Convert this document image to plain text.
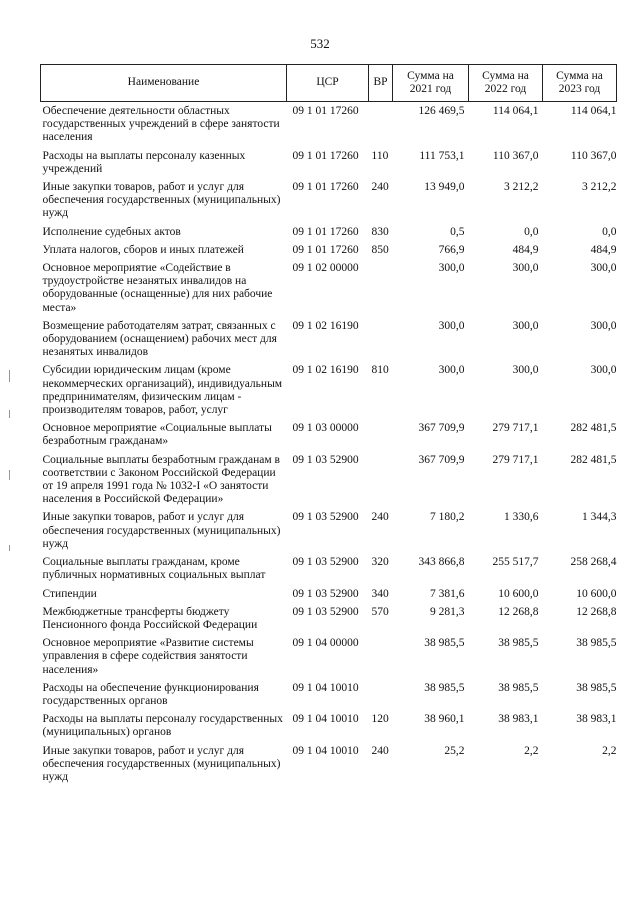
532
Наименование	ЦСР	ВР	Сумма на 2021 год	Сумма на 2022 год	Сумма на 2023 год
Обеспечение деятельности областных государственных учреждений в сфере занятости населения	09 1 01 17260		126 469,5	114 064,1	114 064,1
Расходы на выплаты персоналу казенных учреждений	09 1 01 17260	110	111 753,1	110 367,0	110 367,0
Иные закупки товаров, работ и услуг для обеспечения государственных (муниципальных) нужд	09 1 01 17260	240	13 949,0	3 212,2	3 212,2
Исполнение судебных актов	09 1 01 17260	830	0,5	0,0	0,0
Уплата налогов, сборов и иных платежей	09 1 01 17260	850	766,9	484,9	484,9
Основное мероприятие «Содействие в трудоустройстве незанятых инвалидов на оборудованные (оснащенные) для них рабочие места»	09 1 02 00000		300,0	300,0	300,0
Возмещение работодателям затрат, связанных с оборудованием (оснащением) рабочих мест для незанятых инвалидов	09 1 02 16190		300,0	300,0	300,0
Субсидии юридическим лицам (кроме некоммерческих организаций), индивидуальным предпринимателям, физическим лицам - производителям товаров, работ, услуг	09 1 02 16190	810	300,0	300,0	300,0
Основное мероприятие «Социальные выплаты безработным гражданам»	09 1 03 00000		367 709,9	279 717,1	282 481,5
Социальные выплаты безработным гражданам в соответствии с Законом Российской Федерации от 19 апреля 1991 года № 1032-I «О занятости населения в Российской Федерации»	09 1 03 52900		367 709,9	279 717,1	282 481,5
Иные закупки товаров, работ и услуг для обеспечения государственных (муниципальных) нужд	09 1 03 52900	240	7 180,2	1 330,6	1 344,3
Социальные выплаты гражданам, кроме публичных нормативных социальных выплат	09 1 03 52900	320	343 866,8	255 517,7	258 268,4
Стипендии	09 1 03 52900	340	7 381,6	10 600,0	10 600,0
Межбюджетные трансферты бюджету Пенсионного фонда Российской Федерации	09 1 03 52900	570	9 281,3	12 268,8	12 268,8
Основное мероприятие «Развитие системы управления в сфере содействия занятости населения»	09 1 04 00000		38 985,5	38 985,5	38 985,5
Расходы на обеспечение функционирования государственных органов	09 1 04 10010		38 985,5	38 985,5	38 985,5
Расходы на выплаты персоналу государственных (муниципальных) органов	09 1 04 10010	120	38 960,1	38 983,1	38 983,1
Иные закупки товаров, работ и услуг для обеспечения государственных (муниципальных) нужд	09 1 04 10010	240	25,2	2,2	2,2
